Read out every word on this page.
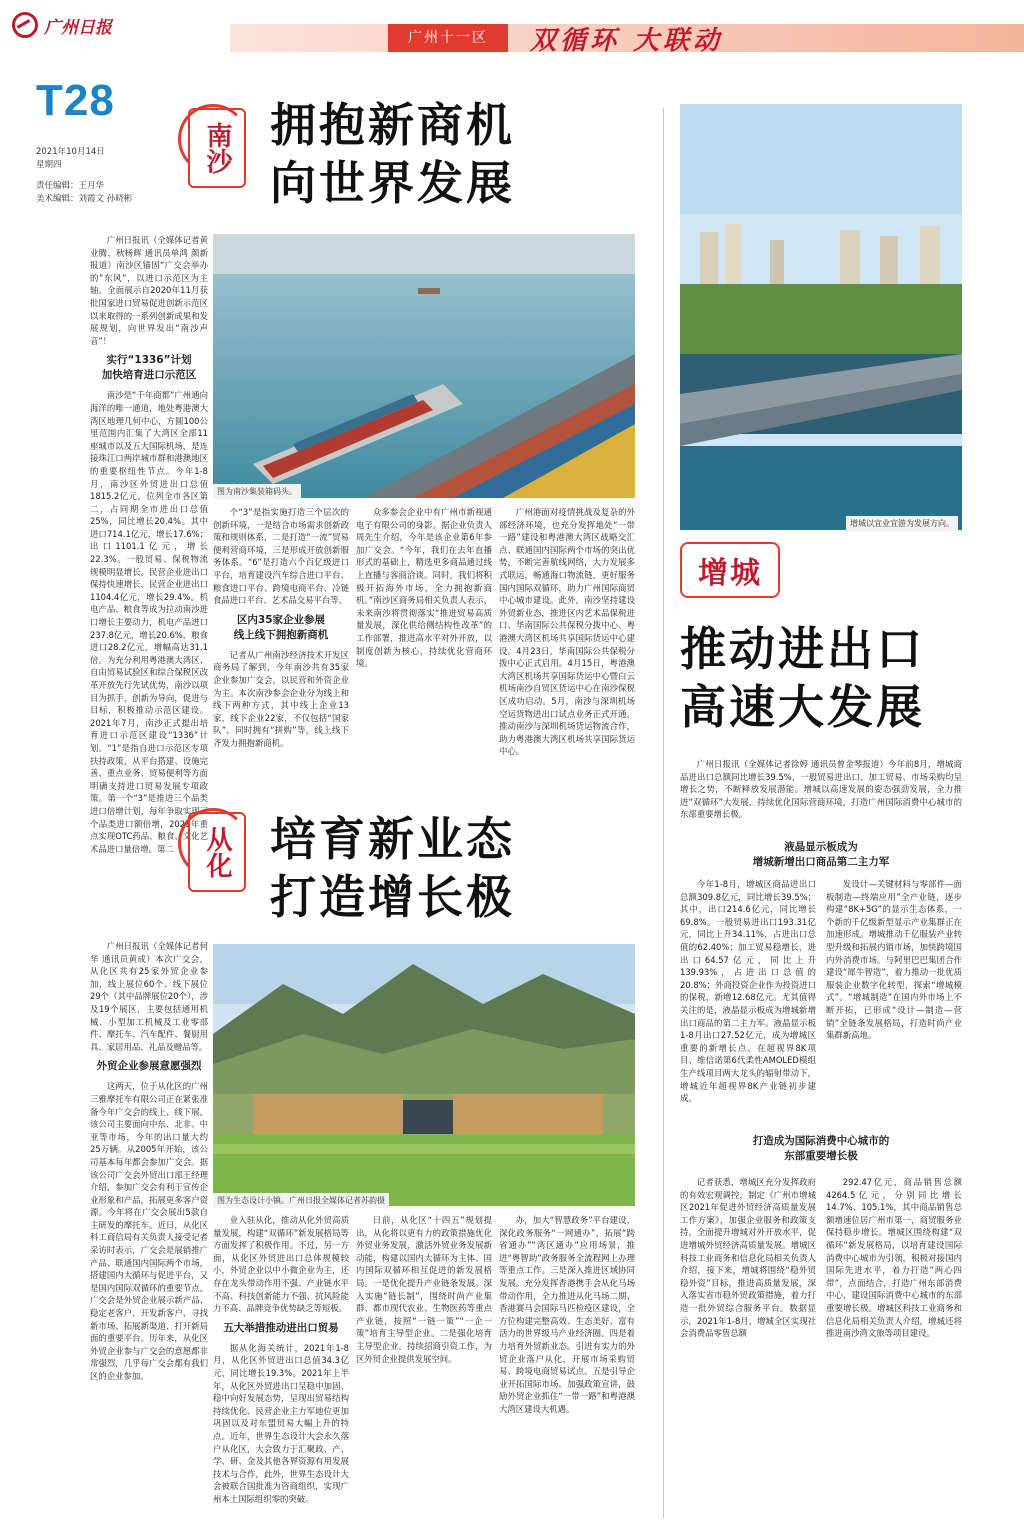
广州日报
广州十一区	双循环 大联动
T28
2021年10月14日
星期四
责任编辑：王月华
美术编辑：刘霞文 孙晓彬
南沙 拥抱新商机
向世界发展
图为南沙集装箱码头。

广州日报讯（全媒体记者黄业腾、秋杨辉 通讯员单鸿 颜新报道）南沙区锚固“广交会举办的”东风”，以进口示范区为主轴，全面展示自2020年11月获批国家进口贸易促进创新示范区以来取得的一系列创新成果和发展规划，向世界发出“南沙声音”！

实行“1336”计划
加快培育进口示范区

南沙是“千年商都”广州通向海洋的唯一通道，地处粤港澳大湾区地理几何中心，方圆100公里范围内汇集了大湾区全部11座城市以及五大国际机场，是连接珠江口两岸城市群和港澳地区的重要枢纽性节点。今年1-8月，南沙区外贸进出口总值1815.2亿元，位列全市各区第二，占同期全市进出口总值25%，同比增长20.4%。其中进口714.1亿元，增长17.6%；出口1101.1亿元，增长22.3%。一般贸易、保税物流规模明显增长。民营企业进出口保持快速增长，民营企业进出口1104.4亿元，增长29.4%。机电产品、粮食等成为拉动南沙进口增长主要动力，机电产品进口237.8亿元，增长20.6%，粮食进口28.2亿元，增幅高达31.1倍。为充分利用粤港澳大湾区、自由贸易试验区和综合保税区改革开放先行先试优势，南沙以项目为抓手，创新为导向，促进与目标，积极推动示范区建设。2021年7月，南沙正式提出培育进口示范区建设“1336”计划。“1”是指自进口示范区专项扶持政策，从平台搭建、设施完善、重点业务、贸易便利等方面明确支持进口贸易发展专项政策。第一个“3”是推进三个品类进口倍增计划，每年争取实现三个品类进口额倍增，2021年重点实现OTC药品、粮食、文化艺术品进口量倍增。第二

个“3”是指实施打造三个层次的创新环境，一是结合市场需求创新政策和规则体系，二是打造“一流”贸易便利营商环境，三是形成开放创新服务体系。“6”是打造六个百亿级进口平台，培育建设汽车综合进口平台、粮食进口平台、跨境电商平台、冷链食品进口平台、艺术品交易平台等。

区内35家企业参展
线上线下拥抱新商机

记者从广州南沙经济技术开发区商务局了解到，今年南沙共有35家企业参加广交会，以民营和外资企业为主。本次南沙参会企业分为线上和线下两种方式，其中线上企业13家，线下企业22家，不仅包括“国家队”，同时拥有“拼购”等，线上线下齐发力拥抱新商机。

众多参会企业中有广州市新视通电子有限公司的身影。据企业负责人周先生介绍，今年是该企业第6年参加广交会。“今年，我们在去年直播形式的基础上，精选更多商品通过线上直播与客商洽谈。同时，我们将积极开拓海外市场，全力拥抱新商机。”南沙区商务局相关负责人表示，未来南沙将贯彻落实“推进贸易高质量发展，深化供给侧结构性改革”的工作部署，推进高水平对外开放，以制度创新为核心，持续优化营商环境。

广州港面对疫情挑战及复杂的外部经济环境，也充分发挥地处“一带一路”建设和粤港澳大湾区战略交汇点、联通国内国际两个市场的突出优势，不断完善航线网络，大力发展多式联运，畅通海口物流链，更好服务国内国际双循环，助力广州国际商贸中心城市建设。此外，南沙坚持建设外贸新业态，推进区内艺术品保税进口、华南国际公共保税分拨中心、粤港澳大湾区机场共享国际货运中心建设。4月23日，华南国际公共保税分拨中心正式启用。4月15日，粤港澳大湾区机场共享国际货运中心暨白云机场南沙自贸区货运中心在南沙保税区成功启动。5月，南沙与深圳机场空运货物进出口试点业务正式开通，推动南沙与深圳机场货运物流合作，助力粤港澳大湾区机场共享国际货运中心。

从化 培育新业态
打造增长极
图为生态设计小镇。广州日报全媒体记者苏韵摄

广州日报讯（全媒体记者何华 通讯员黄成）本次广交会，从化区共有25家外贸企业参加，线上展位60个、线下展位29个（其中品牌展位20个），涉及19个展区，主要包括通用机械、小型加工机械及工业零部件、摩托车、汽车配件、餐厨用具、家居用品、礼品及赠品等。

外贸企业参展意愿强烈

这两天，位于从化区的广州三雅摩托车有限公司正在紧张准备今年广交会的线上、线下展。该公司主要面向中东、北非、中亚等市场，今年的出口量大约25万辆。从2005年开始，该公司基本每年都会参加广交会。据该公司广交会外贸出口部王经理介绍，参加广交会有利于宣传企业形象和产品，拓展更多客户资源。今年将在广交会展出5款自主研发的摩托车。近日，从化区科工商信局有关负责人接受记者采访时表示，广交会是展销推广产品、联通国内国际两个市场，搭建国内大循环与促进平台，又是国内国际双循环的重要节点。广交会是外贸企业展示新产品、稳定老客户、开发新客户、寻找新市场、拓展新渠道、打开新局面的重要平台。历年来，从化区外贸企业参与广交会的意愿都非常强烈，几乎每广交会都有我们区的企业参加。

业入驻从化，推动从化外贸高质量发展，构建“双循环”新发展格局等方面发挥了积极作用。不过，另一方面，从化区外贸进出口总体规模较小，外贸企业以中小微企业为主，还存在龙头带动作用不强、产业链水平不高、科技创新能力不强、抗风险能力不高、品牌竞争优势缺乏等短板。

五大举措推动进出口贸易

据从化海关统计，2021年1-8月，从化区外贸进出口总值34.3亿元，同比增长19.3%。2021年上半年，从化区外贸进出口呈稳中加固、稳中向好发展态势，呈现出贸易结构持续优化、民营企业主力军地位更加巩固以及对东盟贸易大幅上升的特点。近年，世界生态设计大会永久落户从化区，大会致力于汇聚政、产、学、研、金及其他各界资源有用发展技术与合作，此外，世界生态设计大会被联合国批准为咨商组织，实现广州本土国际组织零的突破。

日前，从化区“十四五”规划提出，从化将以更有力的政策措施优化外贸业务发展，激活外贸业务发展新动能，构建以国内大循环为主体、国内国际双循环相互促进的新发展格局。一是优化提升产业链条发展。深入实施“链长制”，围绕时尚产业集群、都市现代农业、生物医药等重点产业链，按照“一链一策”“一企一策”培育主导型企业。二是强化培育主导型企业。持续招商引资工作，为区外贸企业提供发展空间。

办，加大“智慧政务”平台建设，深化政务服务“一网通办”，拓展“跨省通办”“湾区通办”应用场景，推进“粤智助”政务服务全流程网上办理等重点工作。三是深入推进区域协同发展。充分发挥香港携手会从化马场带动作用，全力推进从化马场二期、香港赛马会国际马匹检疫区建设，全方位构建完整高效、生态美好、富有活力的世界级马产业经济圈。四是着力培育外贸新业态。引进有实力的外贸企业落户从化，开展市场采购贸易、跨境电商贸易试点。五是引导企业开拓国际市场。加强政策宣讲，鼓励外贸企业抓住“一带一路”和粤港澳大湾区建设大机遇。

增城以宜业宜游为发展方向。
增城
推动进出口
高速大发展

广州日报讯（全媒体记者徐婷 通讯员曾金琴报道）今年前8月，增城商品进出口总额同比增长39.5%，一般贸易进出口、加工贸易、市场采购均呈增长之势，不断释放发展潜能。增城以高速发展的姿态强劲发展，全力推进“双循环”大发展，持续优化国际营商环境，打造广州国际消费中心城市的东部重要增长极。

液晶显示板成为
增城新增出口商品第二主力军

今年1-8月，增城区商品进出口总额309.8亿元，同比增长39.5%；其中，出口214.6亿元，同比增长69.8%。一般贸易进出口193.31亿元，同比上升34.11%，占进出口总值的62.40%；加工贸易稳增长，进出口64.57亿元，同比上升139.93%，占进出口总值的20.8%；外商投资企业作为投资进口的保税，新增12.68亿元。尤其值得关注的是，液晶显示板成为增城新增出口商品的第二主力军。液晶显示板1-8月出口27.52亿元，成为增城区重要的新增长点。在超视界8K项目、维信诺第6代柔性AMOLED模组生产线项目两大龙头的辐射带动下，增城近年超视界8K产业链初步建成。

发设计—关键材料与零部件—面板制造—终端应用”全产业链，逐步构建“8K+5G”的显示生态体系，一个新的千亿级新型显示产业集群正在加速形成。增城推动千亿服装产业转型升级和拓展内销市场，加快跨境国内外消费市场。与阿里巴巴集团合作建设“犀牛智造”，着力推动一批优质服装企业数字化转型，探索“增城模式”。“增城制造”在国内外市场上不断开拓，已形成“设计—制造—营销”全链条发展格局，打造时尚产业集群新高地。

打造成为国际消费中心城市的
东部重要增长极

记者获悉，增城区充分发挥政府的有效宏观调控，制定《广州市增城区2021年促进外贸经济高质量发展工作方案》，加强企业服务和政策支持，全面提升增城对外开放水平，促进增城外贸经济高质量发展。增城区科技工业商务和信息化局相关负责人介绍，接下来，增城将围绕“稳外贸稳外资”目标，推进高质量发展，深入落实省市稳外贸政策措施，着力打造一批外贸综合服务平台。数据显示，2021年1-8月，增城全区实现社会消费品零售总额

292.47亿元，商品销售总额4264.5亿元，分别同比增长14.7%、105.1%，其中商品销售总额增速位居广州市第一，商贸服务业保持稳步增长。增城区围绕构建“双循环”新发展格局，以培育建设国际消费中心城市为引领，积极对接国内国际先进水平，着力打造“两心四带”，点面结合，打造广州东部消费中心，建设国际消费中心城市的东部重要增长极。增城区科技工业商务和信息化局相关负责人介绍，增城还将推进南沙湾文旅等项目建设。
